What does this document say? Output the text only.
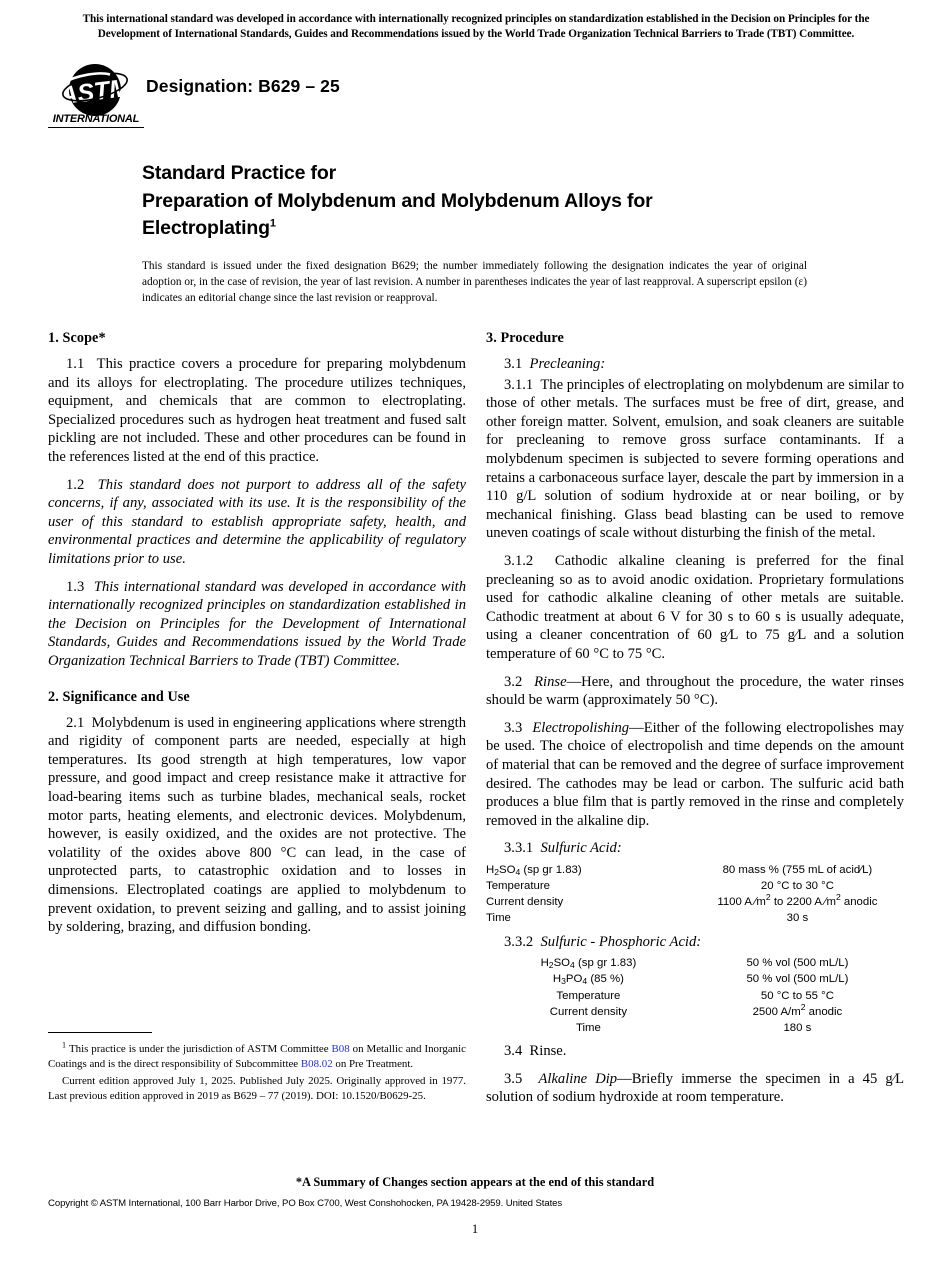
This international standard was developed in accordance with internationally recognized principles on standardization established in the Decision on Principles for the
Development of International Standards, Guides and Recommendations issued by the World Trade Organization Technical Barriers to Trade (TBT) Committee.
ASTM
INTERNATIONAL
Designation: B629 – 25
Standard Practice for
Preparation of Molybdenum and Molybdenum Alloys for
Electroplating$^1$
This standard is issued under the fixed designation B629; the number immediately following the designation indicates the year of original adoption or, in the case of revision, the year of last revision. A number in parentheses indicates the year of last reapproval. A superscript epsilon (ε) indicates an editorial change since the last revision or reapproval.
1. Scope*

1.1 This practice covers a procedure for preparing molybdenum and its alloys for electroplating. The procedure utilizes techniques, equipment, and chemicals that are common to electroplating. Specialized procedures such as hydrogen heat treatment and fused salt pickling are not included. These and other procedures can be found in the references listed at the end of this practice.

1.2 This standard does not purport to address all of the safety concerns, if any, associated with its use. It is the responsibility of the user of this standard to establish appropriate safety, health, and environmental practices and determine the applicability of regulatory limitations prior to use.

1.3 This international standard was developed in accordance with internationally recognized principles on standardization established in the Decision on Principles for the Development of International Standards, Guides and Recommendations issued by the World Trade Organization Technical Barriers to Trade (TBT) Committee.

2. Significance and Use

2.1 Molybdenum is used in engineering applications where strength and rigidity of component parts are needed, especially at high temperatures. Its good strength at high temperatures, low vapor pressure, and good impact and creep resistance make it attractive for load-bearing items such as turbine blades, mechanical seals, rocket motor parts, heating elements, and electronic devices. Molybdenum, however, is easily oxidized, and the oxides are not protective. The volatility of the oxides above 800 °C can lead, in the case of unprotected parts, to catastrophic oxidation and to losses in dimensions. Electroplated coatings are applied to molybdenum to prevent oxidation, to prevent seizing and galling, and to assist joining by soldering, brazing, and diffusion bonding.

3. Procedure
3.1 Precleaning:

3.1.1 The principles of electroplating on molybdenum are similar to those of other metals. The surfaces must be free of dirt, grease, and other foreign matter. Solvent, emulsion, and soak cleaners are suitable for precleaning to remove gross surface contaminants. If a molybdenum specimen is subjected to severe forming operations and retains a carbonaceous surface layer, descale the part by immersion in a 110 g/L solution of sodium hydroxide at or near boiling, or by mechanical finishing. Glass bead blasting can be used to remove uneven coatings of scale without disturbing the finish of the metal.

3.1.2 Cathodic alkaline cleaning is preferred for the final precleaning so as to avoid anodic oxidation. Proprietary formulations used for cathodic alkaline cleaning of other metals are suitable. Cathodic treatment at about 6 V for 30 s to 60 s is usually adequate, using a cleaner concentration of 60 g∕L to 75 g∕L and a solution temperature of 60 °C to 75 °C.

3.2 Rinse—Here, and throughout the procedure, the water rinses should be warm (approximately 50 °C).

3.3 Electropolishing—Either of the following electropolishes may be used. The choice of electropolish and time depends on the amount of material that can be removed and the degree of surface improvement desired. The cathodes may be lead or carbon. The sulfuric acid bath produces a blue film that is partly removed in the rinse and completely removed in the alkaline dip.

3.3.1 Sulfuric Acid:
$H_2SO_4$ (sp gr 1.83)	80 mass % (755 mL of acid∕L)
Temperature	20 °C to 30 °C
Current density	1100 A $∕m^2$ to 2200 A $∕m^2$ anodic
Time	30 s
3.3.2 Sulfuric - Phosphoric Acid:
$H_2SO_4$ (sp gr 1.83)	50 % vol (500 mL/L)
$H_3PO_4$ (85 %)	50 % vol (500 mL/L)
Temperature	50 °C to 55 °C
Current density	2500 $A/m^2$ anodic
Time	180 s

3.4 Rinse.

3.5 Alkaline Dip—Briefly immerse the specimen in a 45 g∕L solution of sodium hydroxide at room temperature.

$^1$ This practice is under the jurisdiction of ASTM Committee B08 on Metallic and Inorganic Coatings and is the direct responsibility of Subcommittee B08.02 on Pre Treatment.

Current edition approved July 1, 2025. Published July 2025. Originally approved in 1977. Last previous edition approved in 2019 as B629 – 77 (2019). DOI: 10.1520/B0629-25.

*A Summary of Changes section appears at the end of this standard
Copyright © ASTM International, 100 Barr Harbor Drive, PO Box C700, West Conshohocken, PA 19428-2959. United States
1
